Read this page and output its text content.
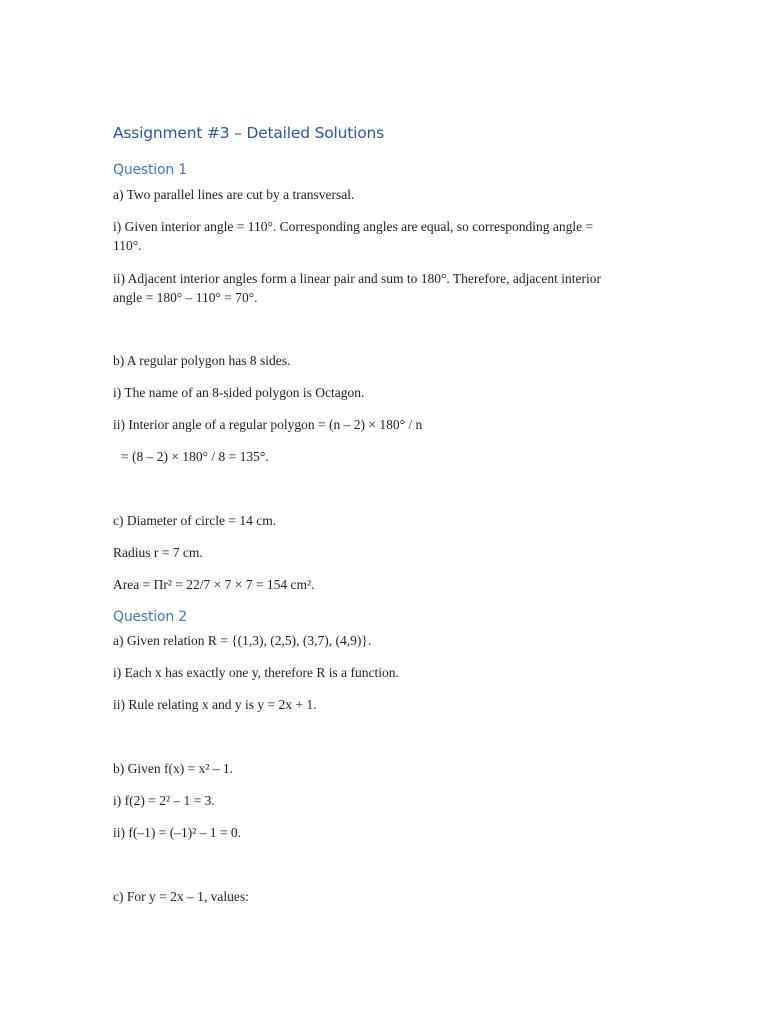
Assignment #3 – Detailed Solutions
Question 1

a) Two parallel lines are cut by a transversal.

i) Given interior angle = 110°. Corresponding angles are equal, so corresponding angle =

110°.

ii) Adjacent interior angles form a linear pair and sum to 180°. Therefore, adjacent interior

angle = 180° – 110° = 70°.

b) A regular polygon has 8 sides.

i) The name of an 8-sided polygon is Octagon.

ii) Interior angle of a regular polygon = (n – 2) × 180° / n

= (8 – 2) × 180° / 8 = 135°.

c) Diameter of circle = 14 cm.

Radius r = 7 cm.

Area = Πr² = 22/7 × 7 × 7 = 154 cm².

Question 2

a) Given relation R = {(1,3), (2,5), (3,7), (4,9)}.

i) Each x has exactly one y, therefore R is a function.

ii) Rule relating x and y is y = 2x + 1.

b) Given f(x) = x² – 1.

i) f(2) = 2² – 1 = 3.

ii) f(–1) = (–1)² – 1 = 0.

c) For y = 2x – 1, values:
